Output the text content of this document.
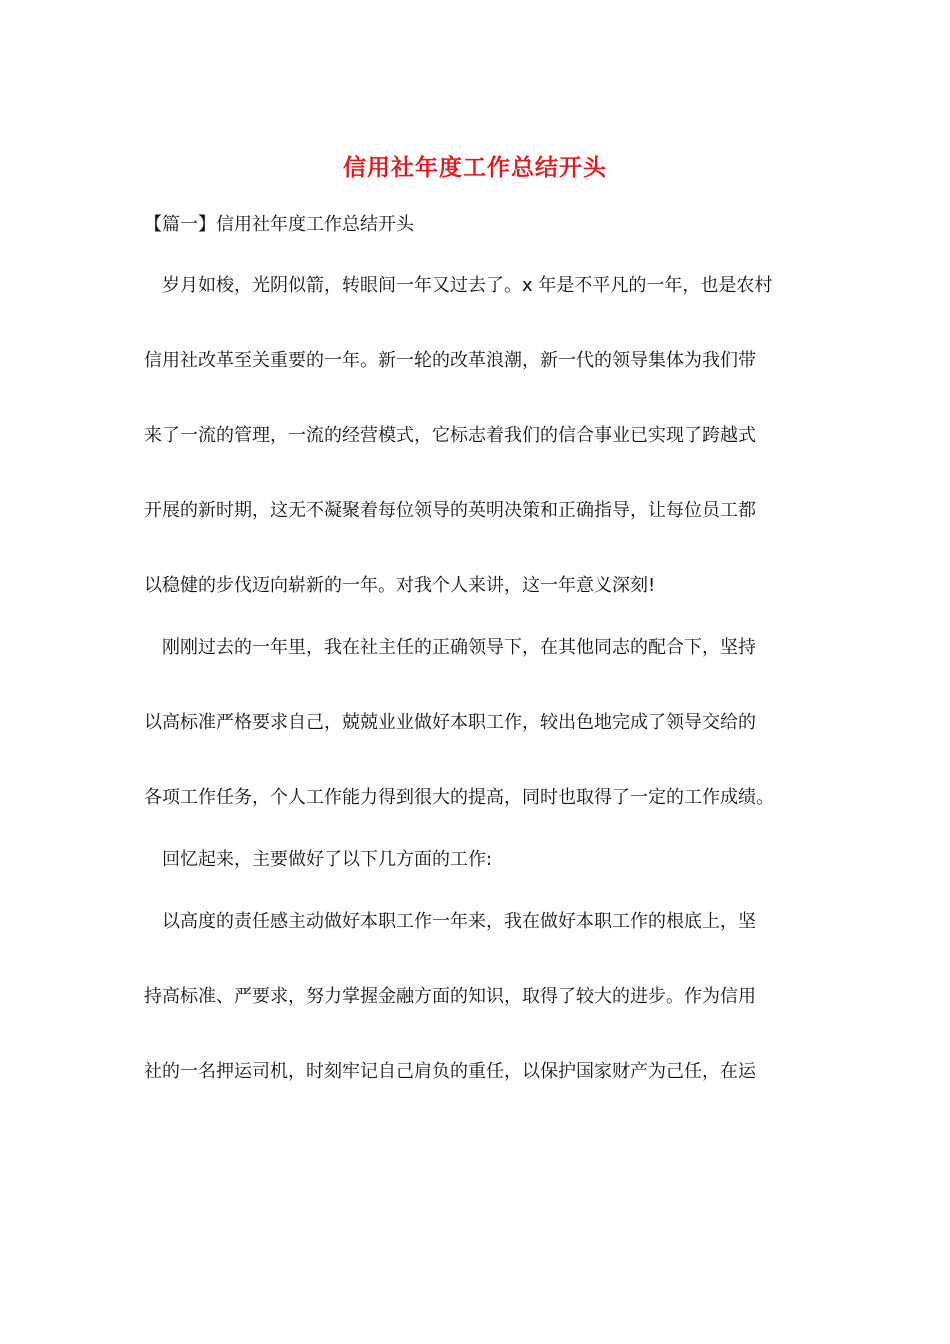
信用社年度工作总结开头
【篇一】信用社年度工作总结开头
岁月如梭，光阴似箭，转眼间一年又过去了。x 年是不平凡的一年，也是农村
信用社改革至关重要的一年。新一轮的改革浪潮，新一代的领导集体为我们带
来了一流的管理，一流的经营模式，它标志着我们的信合事业已实现了跨越式
开展的新时期，这无不凝聚着每位领导的英明决策和正确指导，让每位员工都
以稳健的步伐迈向崭新的一年。对我个人来讲，这一年意义深刻!
刚刚过去的一年里，我在社主任的正确领导下，在其他同志的配合下，坚持
以高标准严格要求自己，兢兢业业做好本职工作，较出色地完成了领导交给的
各项工作任务，个人工作能力得到很大的提高，同时也取得了一定的工作成绩。
回忆起来，主要做好了以下几方面的工作:
以高度的责任感主动做好本职工作一年来，我在做好本职工作的根底上，坚
持高标准、严要求，努力掌握金融方面的知识，取得了较大的进步。作为信用
社的一名押运司机，时刻牢记自己肩负的重任，以保护国家财产为己任，在运
